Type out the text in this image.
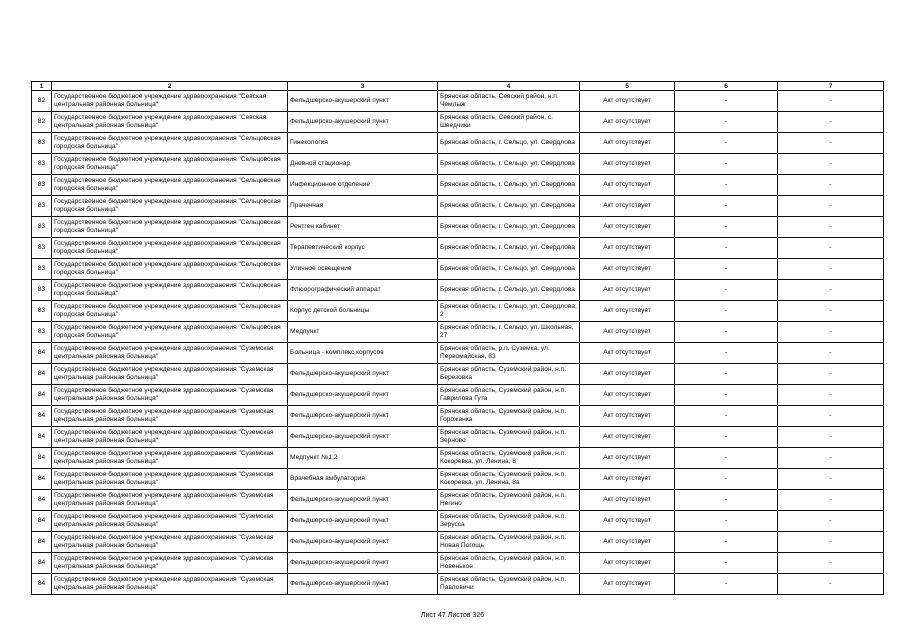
1	2	3	4	5	6	7
82	Государственное бюджетное учреждение здравоохранения "Севская центральная районная больница"	Фельдшерско-акушерский пункт	Брянская область, Севский район, н.п. Чемлыж	Акт отсутствует	-	-
82	Государственное бюджетное учреждение здравоохранения "Севская центральная районная больница"	Фельдшерско-акушерский пункт	Брянская область, Севский район, с. Шведчики	Акт отсутствует	-	-
83	Государственное бюджетное учреждение здравоохранения "Сельцовская городская больница"	Гинекология	Брянская область, г. Сельцо, ул. Свердлова	Акт отсутствует	-	-
83	Государственное бюджетное учреждение здравоохранения "Сельцовская городская больница"	Дневной стационар	Брянская область, г. Сельцо, ул. Свердлова	Акт отсутствует	-	-
83	Государственное бюджетное учреждение здравоохранения "Сельцовская городская больница"	Инфекционное отделение	Брянская область, г. Сельцо, ул. Свердлова	Акт отсутствует	-	-
83	Государственное бюджетное учреждение здравоохранения "Сельцовская городская больница"	Прачечная	Брянская область, г. Сельцо, ул. Свердлова	Акт отсутствует	-	-
83	Государственное бюджетное учреждение здравоохранения "Сельцовская городская больница"	Рентген кабинет	Брянская область, г. Сельцо, ул. Свердлова	Акт отсутствует	-	-
83	Государственное бюджетное учреждение здравоохранения "Сельцовская городская больница"	Терапевтический корпус	Брянская область, г. Сельцо, ул. Свердлова	Акт отсутствует	-	-
83	Государственное бюджетное учреждение здравоохранения "Сельцовская городская больница"	Уличное освещение	Брянская область, г. Сельцо, ул. Свердлова	Акт отсутствует	-	-
83	Государственное бюджетное учреждение здравоохранения "Сельцовская городская больница"	Флюорографический аппарат	Брянская область, г. Сельцо, ул. Свердлова	Акт отсутствует	-	-
83	Государственное бюджетное учреждение здравоохранения "Сельцовская городская больница"	Корпус детской больницы	Брянская область, г. Сельцо, ул. Свердлова, 2	Акт отсутствует	-	-
83	Государственное бюджетное учреждение здравоохранения "Сельцовская городская больница"	Медпункт	Брянская область, г. Сельцо, ул. Школьная, 27	Акт отсутствует	-	-
84	Государственное бюджетное учреждение здравоохранения "Суземская центральная районная больница"	Больница - комплекс корпусов	Брянская область, р.п. Суземка, ул. Первомайская, 83	Акт отсутствует	-	-
84	Государственное бюджетное учреждение здравоохранения "Суземская центральная районная больница"	Фельдшерско-акушерский пункт	Брянская область, Суземский район, н.п. Березовка	Акт отсутствует	-	-
84	Государственное бюджетное учреждение здравоохранения "Суземская центральная районная больница"	Фельдшерско-акушерский пункт	Брянская область, Суземский район, н.п. Гаврилова Гута	Акт отсутствует	-	-
84	Государственное бюджетное учреждение здравоохранения "Суземская центральная районная больница"	Фельдшерско-акушерский пункт	Брянская область, Суземский район, н.п. Горожанка	Акт отсутствует	-	-
84	Государственное бюджетное учреждение здравоохранения "Суземская центральная районная больница"	Фельдшерско-акушерский пункт	Брянская область, Суземский район, н.п. Зерново	Акт отсутствует	-	-
84	Государственное бюджетное учреждение здравоохранения "Суземская центральная районная больница"	Медпункт №1,2	Брянская область, Суземский район, н.п. Кокоревка, ул. Ленина, 8	Акт отсутствует	-	-
84	Государственное бюджетное учреждение здравоохранения "Суземская центральная районная больница"	Врачебная амбулатория	Брянская область, Суземский район, н.п. Кокоревка, ул. Ленина, 8а	Акт отсутствует	-	-
84	Государственное бюджетное учреждение здравоохранения "Суземская центральная районная больница"	Фельдшерско-акушерский пункт	Брянская область, Суземский район, н.п. Негино	Акт отсутствует	-	-
84	Государственное бюджетное учреждение здравоохранения "Суземская центральная районная больница"	Фельдшерско-акушерский пункт	Брянская область, Суземский район, н.п. Зерусса	Акт отсутствует	-	-
84	Государственное бюджетное учреждение здравоохранения "Суземская центральная районная больница"	Фельдшерско-акушерский пункт	Брянская область, Суземский район, н.п. Новая Погощь	Акт отсутствует	-	-
84	Государственное бюджетное учреждение здравоохранения "Суземская центральная районная больница"	Фельдшерско-акушерский пункт	Брянская область, Суземский район, н.п. Новенькое	Акт отсутствует	-	-
84	Государственное бюджетное учреждение здравоохранения "Суземская центральная районная больница"	Фельдшерско-акушерский пункт	Брянская область, Суземский район, н.п. Павловичи	Акт отсутствует	-	-
Лист 47 Листов 326
